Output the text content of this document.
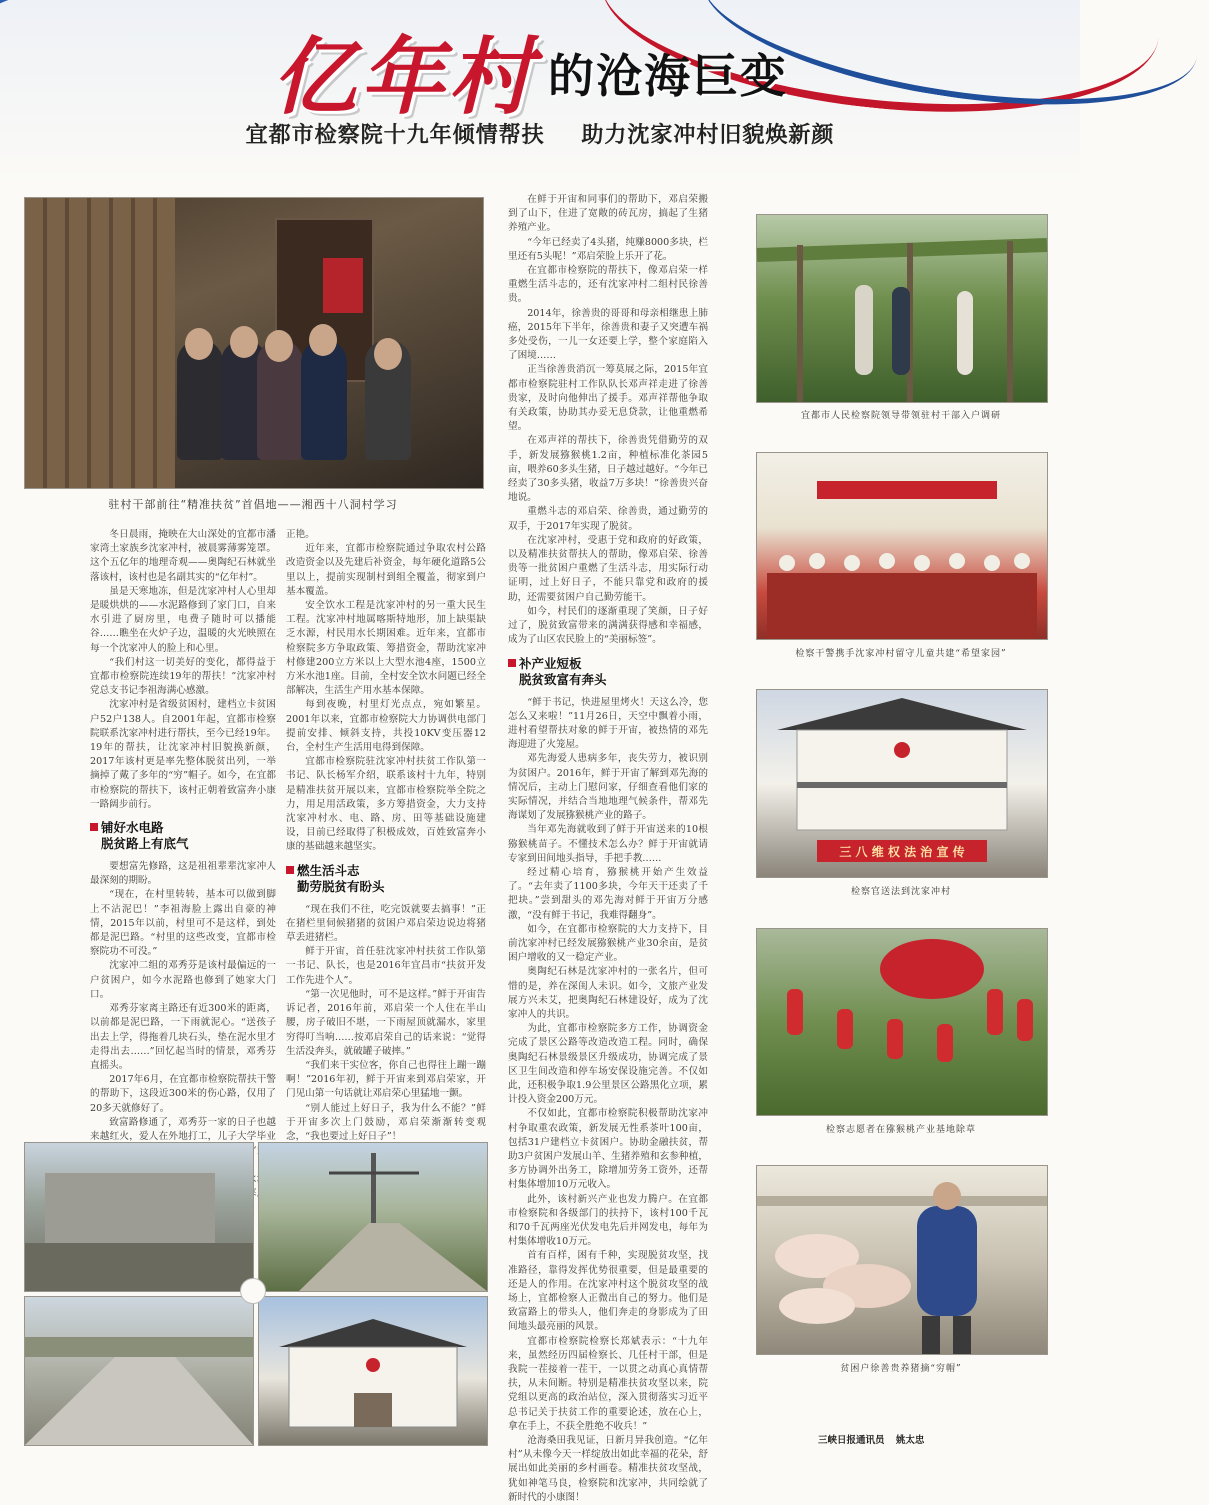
亿年村 的沧海巨变
宜都市检察院十九年倾情帮扶 助力沈家冲村旧貌焕新颜
驻村干部前往“精准扶贫”首倡地——湘西十八洞村学习

冬日晨雨，掩映在大山深处的宜都市潘家湾土家族乡沈家冲村，被晨雾薄雾笼罩。这个五亿年的地理奇观——奥陶纪石林就坐落该村，该村也是名副其实的“亿年村”。

虽是天寒地冻，但是沈家冲村人心里却是暖烘烘的——水泥路修到了家门口，自来水引进了厨房里，电费子随时可以播能谷……瞧坐在火炉子边，温暖的火光映照在每一个沈家冲人的脸上和心里。

“我们村这一切美好的变化，都得益于宜都市检察院连续19年的帮扶！”沈家冲村党总支书记李祖海满心感激。

沈家冲村是省级贫困村，建档立卡贫困户52户138人。自2001年起，宜都市检察院联系沈家冲村进行帮扶，至今已经19年。19年的帮扶，让沈家冲村旧貌换新颜，2017年该村更是率先整体脱贫出列，一举摘掉了戴了多年的“穷”帽子。如今，在宜都市检察院的帮扶下，该村正朝着致富奔小康一路阔步前行。

铺好水电路
脱贫路上有底气

要想富先修路，这是祖祖辈辈沈家冲人最深刻的期盼。

“现在，在村里转转，基本可以做到脚上不沾泥巴！”李祖海脸上露出自豪的神情，2015年以前，村里可不是这样，到处都是泥巴路。“村里的这些改变，宜都市检察院功不可没。”

沈家冲二组的邓秀芬是该村最偏远的一户贫困户，如今水泥路也修到了她家大门口。

邓秀芬家离主路还有近300米的距离，以前都是泥巴路，一下雨就泥心。“送孩子出去上学，得拖着几块石头，垫在泥水里才走得出去……”回忆起当时的情景，邓秀芬直摇头。

2017年6月，在宜都市检察院帮扶干警的帮助下，这段近300米的伤心路，仅用了20多天就修好了。

致富路修通了，邓秀芬一家的日子也越来越红火，爱人在外地打工，儿子大学毕业

正艳。

近年来，宜都市检察院通过争取农村公路改造资金以及先建后补资金，每年硬化道路5公里以上，提前实现制村到组全覆盖，彻家到户基本覆盖。

安全饮水工程是沈家冲村的另一重大民生工程。沈家冲村地属喀斯特地形，加上缺渠缺乏水源，村民用水长期困难。近年来，宜都市检察院多方争取政策、筹措资金，帮助沈家冲村修建200立方米以上大型水池4座，1500立方米水池1座。目前，全村安全饮水问题已经全部解决，生活生产用水基本保障。

每到夜晚，村里灯光点点，宛如繁星。2001年以来，宜都市检察院大力协调供电部门提前安排、倾斜支持，共投10KV变压器12台，全村生产生活用电得到保障。

宜都市检察院驻沈家冲村扶贫工作队第一书记、队长杨军介绍，联系该村十九年，特别是精准扶贫开展以来，宜都市检察院举全院之力，用足用活政策，多方筹措资金，大力支持沈家冲村水、电、路、房、田等基础设施建设，目前已经取得了积极成效，百姓致富奔小康的基础越来越坚实。

燃生活斗志
勤劳脱贫有盼头

“现在我们不往，吃完饭就要去搞事！”正在猪栏里伺候猪猪的贫困户邓启荣边说边将猪草丢进猪栏。

鲜于开宙，首任驻沈家冲村扶贫工作队第一书记、队长，也是2016年宜昌市“扶贫开发工作先进个人”。

“第一次见他时，可不是这样。”鲜于开宙告诉记者，2016年前，邓启荣一个人住在半山腰，房子破旧不堪，一下雨屋顶就漏水，家里穷得叮当响……按邓启荣自己的话来说：“觉得生活没奔头，就破罐子破摔。”

“我们来干实位客，你自己也得往上蹦一蹦啊！”2016年初，鲜于开宙来到邓启荣家，开门见山第一句话就让邓启荣心里猛地一颤。

“别人能过上好日子，我为什么不能？”鲜于开宙多次上门鼓励，邓启荣渐渐转变观念，“我也要过上好日子”！

在鲜于开宙和同事们的帮助下，邓启荣搬到了山下，住进了宽敞的砖瓦房，搞起了生猪养殖产业。

“今年已经卖了4头猪，纯赚8000多块，栏里还有5头呢！”邓启荣脸上乐开了花。

在宜都市检察院的帮扶下，像邓启荣一样重燃生活斗志的，还有沈家冲村二组村民徐善贵。

2014年，徐善贵的哥哥和母亲相继患上肺癌，2015年下半年，徐善贵和妻子又突遭车祸多处受伤，一儿一女还要上学，整个家庭陷入了困境……

正当徐善贵消沉一筹莫展之际，2015年宜都市检察院驻村工作队队长邓声祥走进了徐善贵家，及时向他伸出了援手。邓声祥帮他争取有关政策，协助其办妥无息贷款，让他重燃希望。

在邓声祥的帮扶下，徐善贵凭借勤劳的双手，新发展猕猴桃1.2亩，种植标准化茶园5亩，喂养60多头生猪，日子越过越好。“今年已经卖了30多头猪，收益7万多块！”徐善贵兴奋地说。

重燃斗志的邓启荣、徐善贵，通过勤劳的双手，于2017年实现了脱贫。

在沈家冲村，受惠于党和政府的好政策，以及精准扶贫帮扶人的帮助，像邓启荣、徐善贵等一批贫困户重燃了生活斗志，用实际行动证明，过上好日子，不能只靠党和政府的援助，还需要贫困户自己勤劳能干。

如今，村民们的逐渐重现了笑颜，日子好过了，脱贫致富带来的满满获得感和幸福感，成为了山区农民脸上的“美丽标签”。

补产业短板
脱贫致富有奔头

“鲜于书记，快进屋里烤火！天这么冷，您怎么又来啦！”11月26日，天空中飘着小雨，进村看望帮扶对象的鲜于开宙，被热情的邓先海迎进了火笼屋。

邓先海爱人患病多年，丧失劳力，被识别为贫困户。2016年，鲜于开宙了解到邓先海的情况后，主动上门慰问家，仔细查看他们家的实际情况，并结合当地地理气候条件，帮邓先海谋划了发展猕猴桃产业的路子。

当年邓先海就收到了鲜于开宙送来的10根猕猴桃苗子。不懂技术怎么办？鲜于开宙就请专家到田间地头指导，手把手教……

经过精心培育，猕猴桃开始产生效益了。“去年卖了1100多块，今年天干还卖了千把块。”尝到甜头的邓先海对鲜于开宙万分感激，“没有鲜于书记，我难得翻身”。

如今，在宜都市检察院的大力支持下，目前沈家冲村已经发展猕猴桃产业30余亩，是贫困户增收的又一稳定产业。

奥陶纪石林是沈家冲村的一张名片，但可惜的是，养在深闺人未识。如今，文旅产业发展方兴未艾，把奥陶纪石林建设好，成为了沈家冲人的共识。

为此，宜都市检察院多方工作，协调资金完成了景区公路等改造改造工程。同时，确保奥陶纪石林景级景区升级成功，协调完成了景区卫生间改造和停车场安保设施完善。不仅如此，还积极争取1.9公里景区公路黑化立项，累计投入资金200万元。

不仅如此，宜都市检察院积极帮助沈家冲村争取重农政策，新发展无性系茶叶100亩，包括31户建档立卡贫困户。协助金融扶贫，帮助3户贫困户发展山羊、生猪养殖和玄参种植，多方协调外出务工，除增加劳务工资外，还帮村集体增加10万元收入。

此外，该村新兴产业也发力腾户。在宜都市检察院和各级部门的扶持下，该村100千瓦和70千瓦两座光伏发电先后并网发电，每年为村集体增收10万元。

首有百样，困有千种，实现脱贫攻坚，找准路径，靠得发挥优势很重要，但是最重要的还是人的作用。在沈家冲村这个脱贫攻坚的战场上，宜都检察人正微出自己的努力。他们是致富路上的带头人，他们奔走的身影成为了田间地头最亮丽的风景。

宜都市检察院检察长郑斌表示：“十九年来，虽然经历四届检察长、几任村干部，但是我院一茬接着一茬干，一以贯之动真心真情帮扶，从未间断。特别是精准扶贫攻坚以来，院党组以更高的政治站位，深入贯彻落实习近平总书记关于扶贫工作的重要论述，放在心上，拿在手上，不获全胜绝不收兵！”

沧海桑田我见证，日新月异我创造。“亿年村”从未像今天一样绽放出如此幸福的花朵，舒展出如此美丽的乡村画卷。精准扶贫攻坚战，犹如神笔马良，检察院和沈家冲，共同绘就了新时代的小康图！

宜都市人民检察院领导带领驻村干部入户调研
检察干警携手沈家冲村留守儿童共建“希望家园”
三 八 维 权 法 治 宣 传
检察官送法到沈家冲村
检察志愿者在猕猴桃产业基地除草
贫困户徐善贵养猪摘“穷帽”
三峡日报通讯员 姚太忠
